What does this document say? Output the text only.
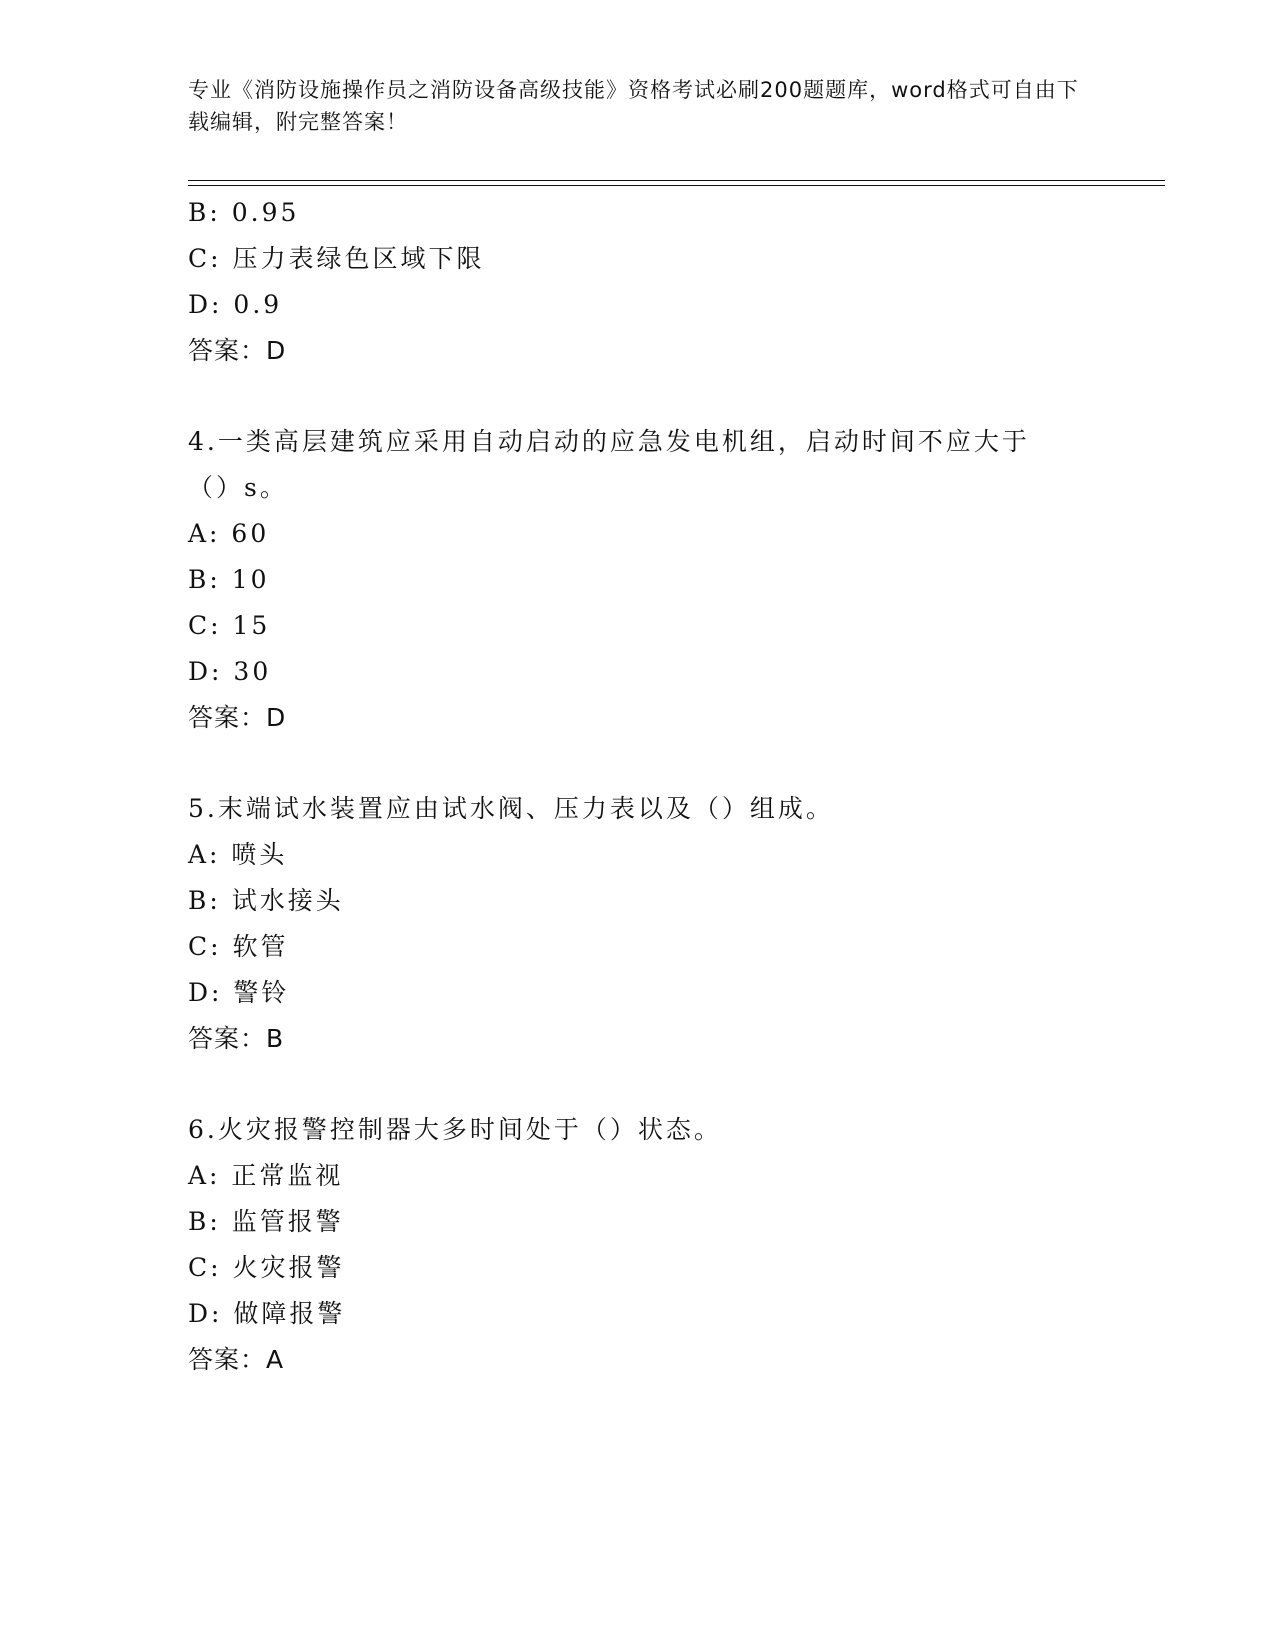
专业《消防设施操作员之消防设备高级技能》资格考试必刷200题题库，word格式可自由下载编辑，附完整答案！
B: 0.95
C: 压力表绿色区域下限
D: 0.9
答案：D
4.一类高层建筑应采用自动启动的应急发电机组，启动时间不应大于（）s。
A: 60
B: 10
C: 15
D: 30
答案：D
5.末端试水装置应由试水阀、压力表以及（）组成。
A: 喷头
B: 试水接头
C: 软管
D: 警铃
答案：B
6.火灾报警控制器大多时间处于（）状态。
A: 正常监视
B: 监管报警
C: 火灾报警
D: 做障报警
答案：A
